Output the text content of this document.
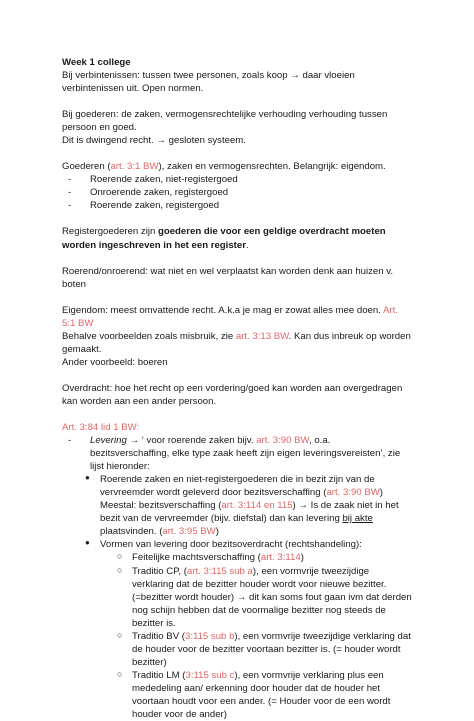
Week 1 college

Bij verbintenissen: tussen twee personen, zoals koop → daar vloeien verbintenissen uit. Open normen.

Bij goederen: de zaken, vermogensrechtelijke verhouding verhouding tussen persoon en goed.

Dit is dwingend recht. → gesloten systeem.

Goederen (art. 3:1 BW), zaken en vermogensrechten. Belangrijk: eigendom.

- Roerende zaken, niet-registergoed

- Onroerende zaken, registergoed

- Roerende zaken, registergoed

Registergoederen zijn goederen die voor een geldige overdracht moeten worden ingeschreven in het een register.

Roerend/onroerend: wat niet en wel verplaatst kan worden denk aan huizen v. boten

Eigendom: meest omvattende recht. A.k.a je mag er zowat alles mee doen. Art. 5:1 BW

Behalve voorbeelden zoals misbruik, zie art. 3:13 BW. Kan dus inbreuk op worden gemaakt.

Ander voorbeeld: boeren

Overdracht: hoe het recht op een vordering/goed kan worden aan overgedragen kan worden aan een ander persoon.

Art. 3:84 lid 1 BW:

- Levering → ‘ voor roerende zaken bijv. art. 3:90 BW, o.a. bezitsverschaffing, elke type zaak heeft zijn eigen leveringsvereisten’, zie lijst hieronder:

● Roerende zaken en niet-registergoederen die in bezit zijn van de vervreemder wordt geleverd door bezitsverschaffing (art. 3:90 BW) Meestal: bezitsverschaffing (art. 3:114 en 115) → Is de zaak niet in het bezit van de vervreemder (bijv. diefstal) dan kan levering bij akte plaatsvinden. (art. 3:95 BW)

● Vormen van levering door bezitsoverdracht (rechtshandeling):

○ Feitelijke machtsverschaffing (art. 3:114)

○ Traditio CP, (art. 3:115 sub a), een vormvrije tweezijdige verklaring dat de bezitter houder wordt voor nieuwe bezitter. (=bezitter wordt houder) → dit kan soms fout gaan ivm dat derden nog schijn hebben dat de voormalige bezitter nog steeds de bezitter is.

○ Traditio BV (3:115 sub b), een vormvrije tweezijdige verklaring dat de houder voor de bezitter voortaan bezitter is. (= houder wordt bezitter)

○ Traditio LM (3:115 sub c), een vormvrije verklaring plus een mededeling aan/ erkenning door houder dat de houder het voortaan houdt voor een ander. (= Houder voor de een wordt houder voor de ander)
